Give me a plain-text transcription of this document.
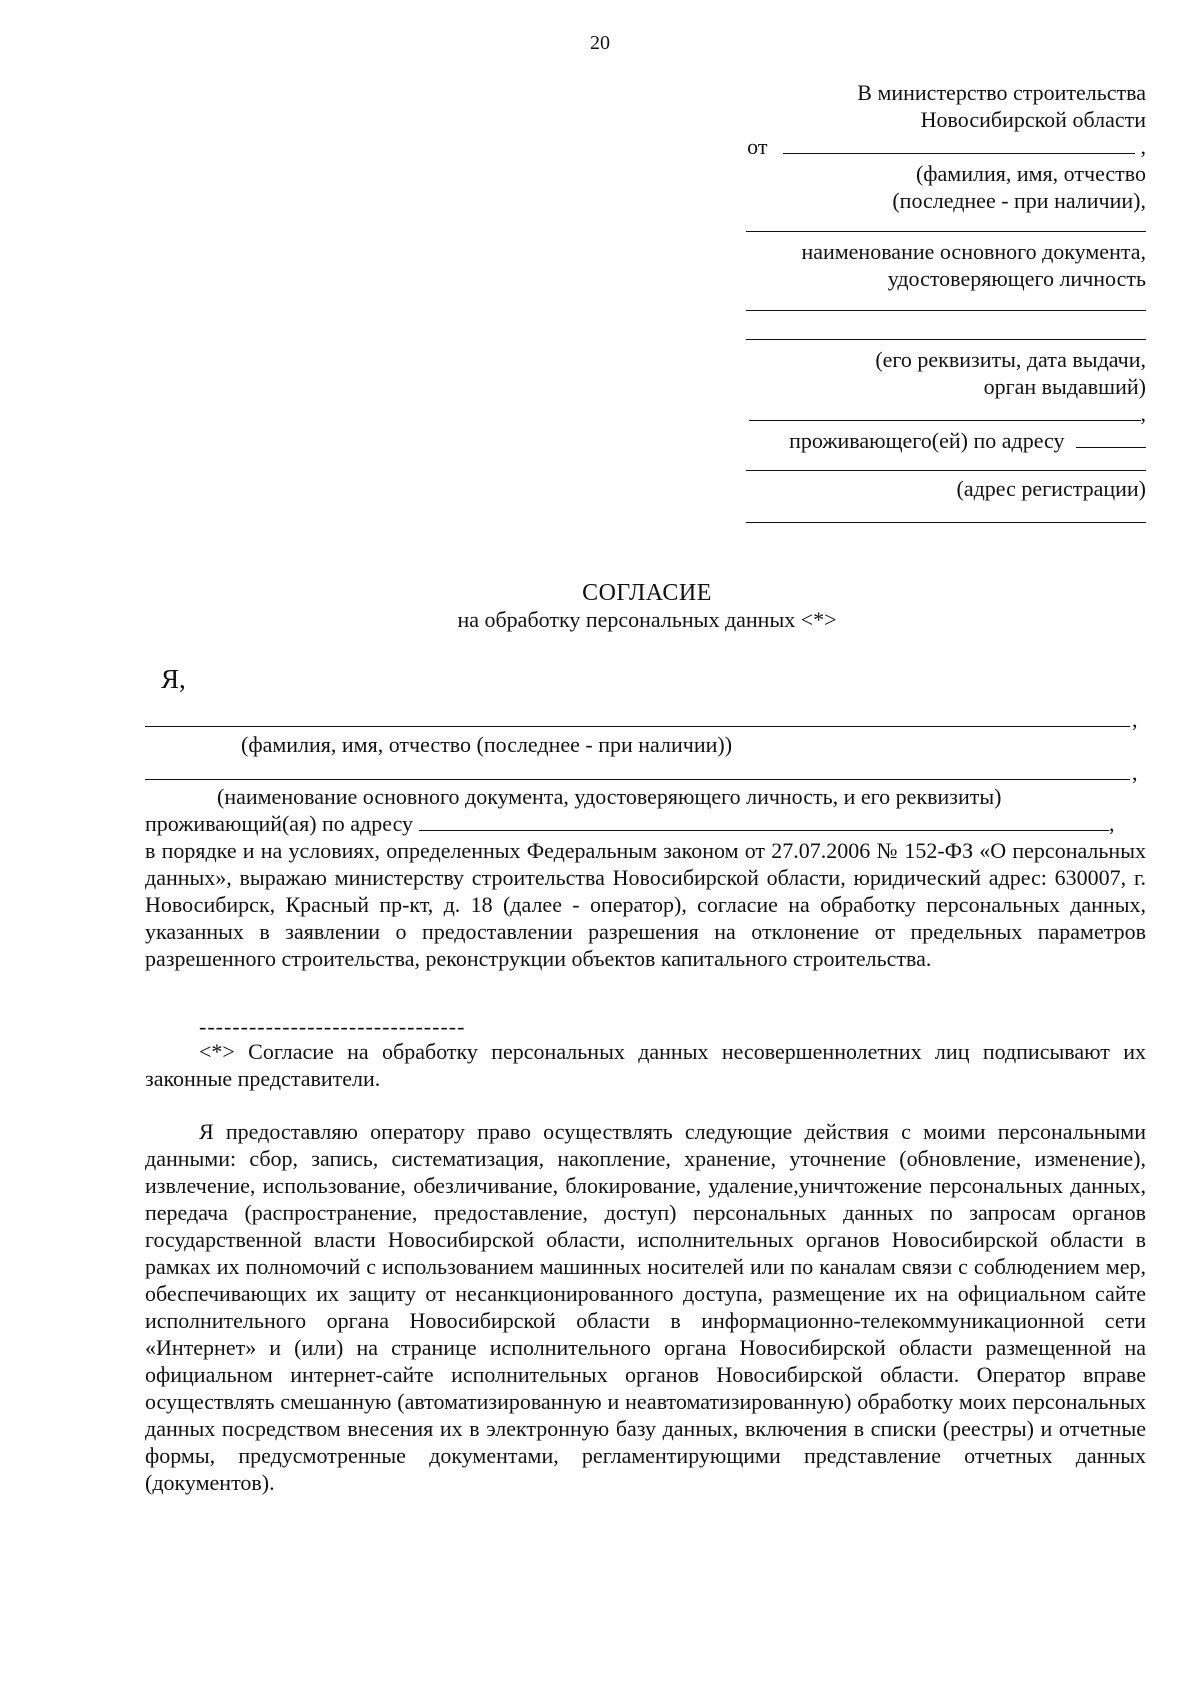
20
В министерство строительства
Новосибирской области
от	,
(фамилия, имя, отчество
(последнее - при наличии),
наименование основного документа,
удостоверяющего личность
(его реквизиты, дата выдачи,
орган выдавший)
,
проживающего(ей) по адресу
(адрес регистрации)
СОГЛАСИЕ
на обработку персональных данных <*>
Я,
,
(фамилия, имя, отчество (последнее - при наличии))
,
(наименование основного документа, удостоверяющего личность, и его реквизиты)
проживающий(ая) по адресу	,
в порядке и на условиях, определенных Федеральным законом от 27.07.2006 № 152-ФЗ «О персональных данных», выражаю министерству строительства Новосибирской области, юридический адрес: 630007, г. Новосибирск, Красный пр-кт, д. 18 (далее - оператор), согласие на обработку персональных данных, указанных в заявлении о предоставлении разрешения на отклонение от предельных параметров разрешенного строительства, реконструкции объектов капитального строительства.
--------------------------------
<*> Согласие на обработку персональных данных несовершеннолетних лиц подписывают их законные представители.
Я предоставляю оператору право осуществлять следующие действия с моими персональными данными: сбор, запись, систематизация, накопление, хранение, уточнение (обновление, изменение), извлечение, использование, обезличивание, блокирование, удаление,уничтожение персональных данных, передача (распространение, предоставление, доступ) персональных данных по запросам органов государственной власти Новосибирской области, исполнительных органов Новосибирской области в рамках их полномочий с использованием машинных носителей или по каналам связи с соблюдением мер, обеспечивающих их защиту от несанкционированного доступа, размещение их на официальном сайте исполнительного органа Новосибирской области в информационно-телекоммуникационной сети «Интернет» и (или) на странице исполнительного органа Новосибирской области размещенной на официальном интернет-сайте исполнительных органов Новосибирской области. Оператор вправе осуществлять смешанную (автоматизированную и неавтоматизированную) обработку моих персональных данных посредством внесения их в электронную базу данных, включения в списки (реестры) и отчетные формы, предусмотренные документами, регламентирующими представление отчетных данных (документов).
